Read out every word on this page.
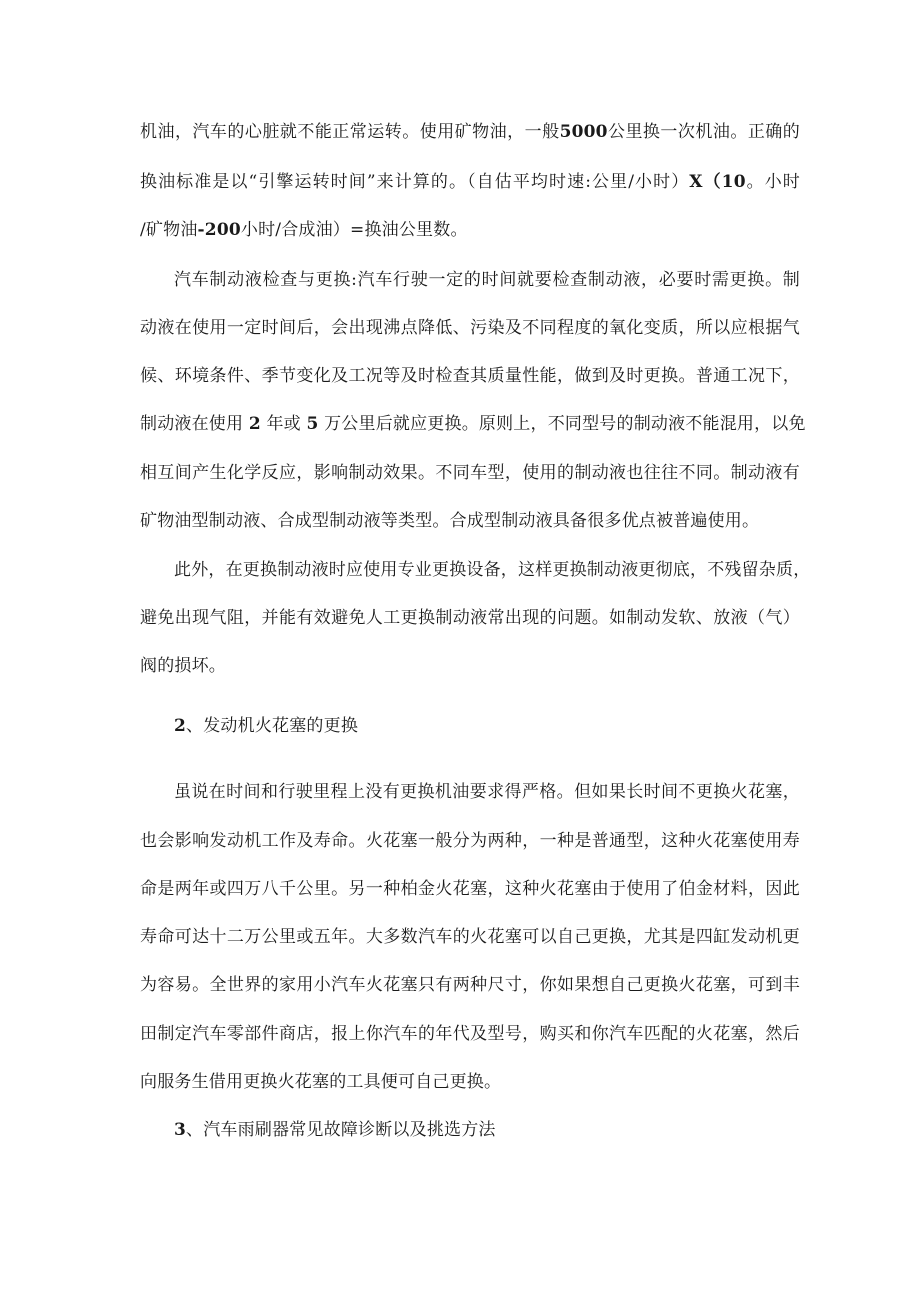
机油，汽车的心脏就不能正常运转。使用矿物油，一般5000公里换一次机油。正确的
换油标准是以“引擎运转时间”来计算的。（自估平均时速:公里/小时）X（10。小时
/矿物油-200小时/合成油）=换油公里数。
汽车制动液检查与更换:汽车行驶一定的时间就要检查制动液，必要时需更换。制
动液在使用一定时间后，会出现沸点降低、污染及不同程度的氧化变质，所以应根据气
候、环境条件、季节变化及工况等及时检查其质量性能，做到及时更换。普通工况下，
制动液在使用 2 年或 5 万公里后就应更换。原则上，不同型号的制动液不能混用，以免
相互间产生化学反应，影响制动效果。不同车型，使用的制动液也往往不同。制动液有
矿物油型制动液、合成型制动液等类型。合成型制动液具备很多优点被普遍使用。
此外，在更换制动液时应使用专业更换设备，这样更换制动液更彻底，不残留杂质，
避免出现气阻，并能有效避免人工更换制动液常出现的问题。如制动发软、放液（气）
阀的损坏。
2、发动机火花塞的更换
虽说在时间和行驶里程上没有更换机油要求得严格。但如果长时间不更换火花塞，
也会影响发动机工作及寿命。火花塞一般分为两种，一种是普通型，这种火花塞使用寿
命是两年或四万八千公里。另一种柏金火花塞，这种火花塞由于使用了伯金材料，因此
寿命可达十二万公里或五年。大多数汽车的火花塞可以自己更换，尤其是四缸发动机更
为容易。全世界的家用小汽车火花塞只有两种尺寸，你如果想自己更换火花塞，可到丰
田制定汽车零部件商店，报上你汽车的年代及型号，购买和你汽车匹配的火花塞，然后
向服务生借用更换火花塞的工具便可自己更换。
3、汽车雨刷器常见故障诊断以及挑选方法
